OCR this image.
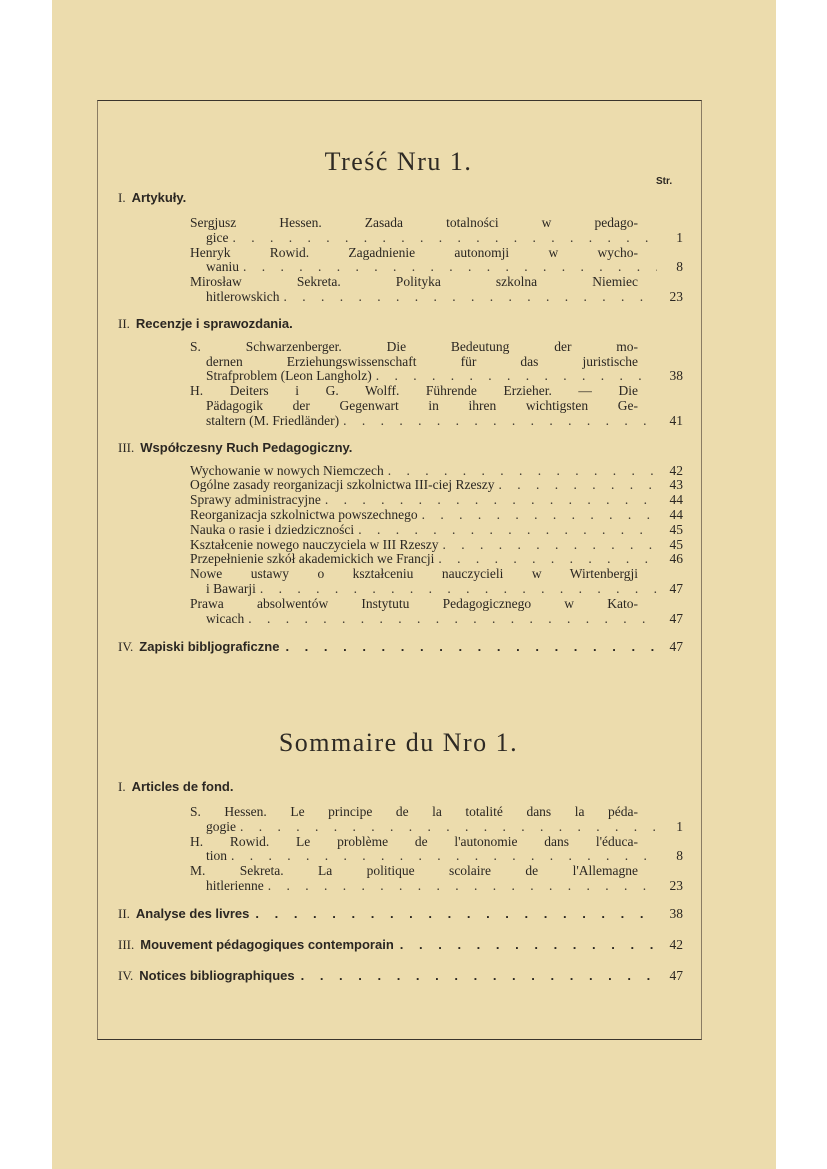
Treść Nru 1.
Str.
I. Artykuły.
Sergjusz Hessen. Zasada totalności w pedago-
gice . . .	1
Henryk Rowid. Zagadnienie autonomji w wycho-
waniu . . .	8
Mirosław Sekreta. Polityka szkolna Niemiec
hitlerowskich . . .	23
II. Recenzje i sprawozdania.
S. Schwarzenberger. Die Bedeutung der mo-
dernen Erziehungswissenschaft für das juristische
Strafproblem (Leon Langholz) . . .	38
H. Deiters i G. Wolff. Führende Erzieher. — Die
Pädagogik der Gegenwart in ihren wichtigsten Ge-
staltern (M. Friedländer) . . .	41
III. Współczesny Ruch Pedagogiczny.
Wychowanie w nowych Niemczech . . .	42
Ogólne zasady reorganizacji szkolnictwa III-ciej Rzeszy . . .	43
Sprawy administracyjne . . .	44
Reorganizacja szkolnictwa powszechnego . . .	44
Nauka o rasie i dziedziczności . . .	45
Kształcenie nowego nauczyciela w III Rzeszy . . .	45
Przepełnienie szkół akademickich we Francji . . .	46
Nowe ustawy o kształceniu nauczycieli w Wirtenbergji
i Bawarji . . .	47
Prawa absolwentów Instytutu Pedagogicznego w Kato-
wicach . . .	47
IV. Zapiski bibljograficzne . . .	47
Sommaire du Nro 1.
I. Articles de fond.
S. Hessen. Le principe de la totalité dans la péda-
gogie . . .	1
H. Rowid. Le problème de l'autonomie dans l'éduca-
tion . . .	8
M. Sekreta. La politique scolaire de l'Allemagne
hitlerienne . . .	23
II. Analyse des livres . . .	38
III. Mouvement pédagogiques contemporain . . .	42
IV. Notices bibliographiques . . .	47
